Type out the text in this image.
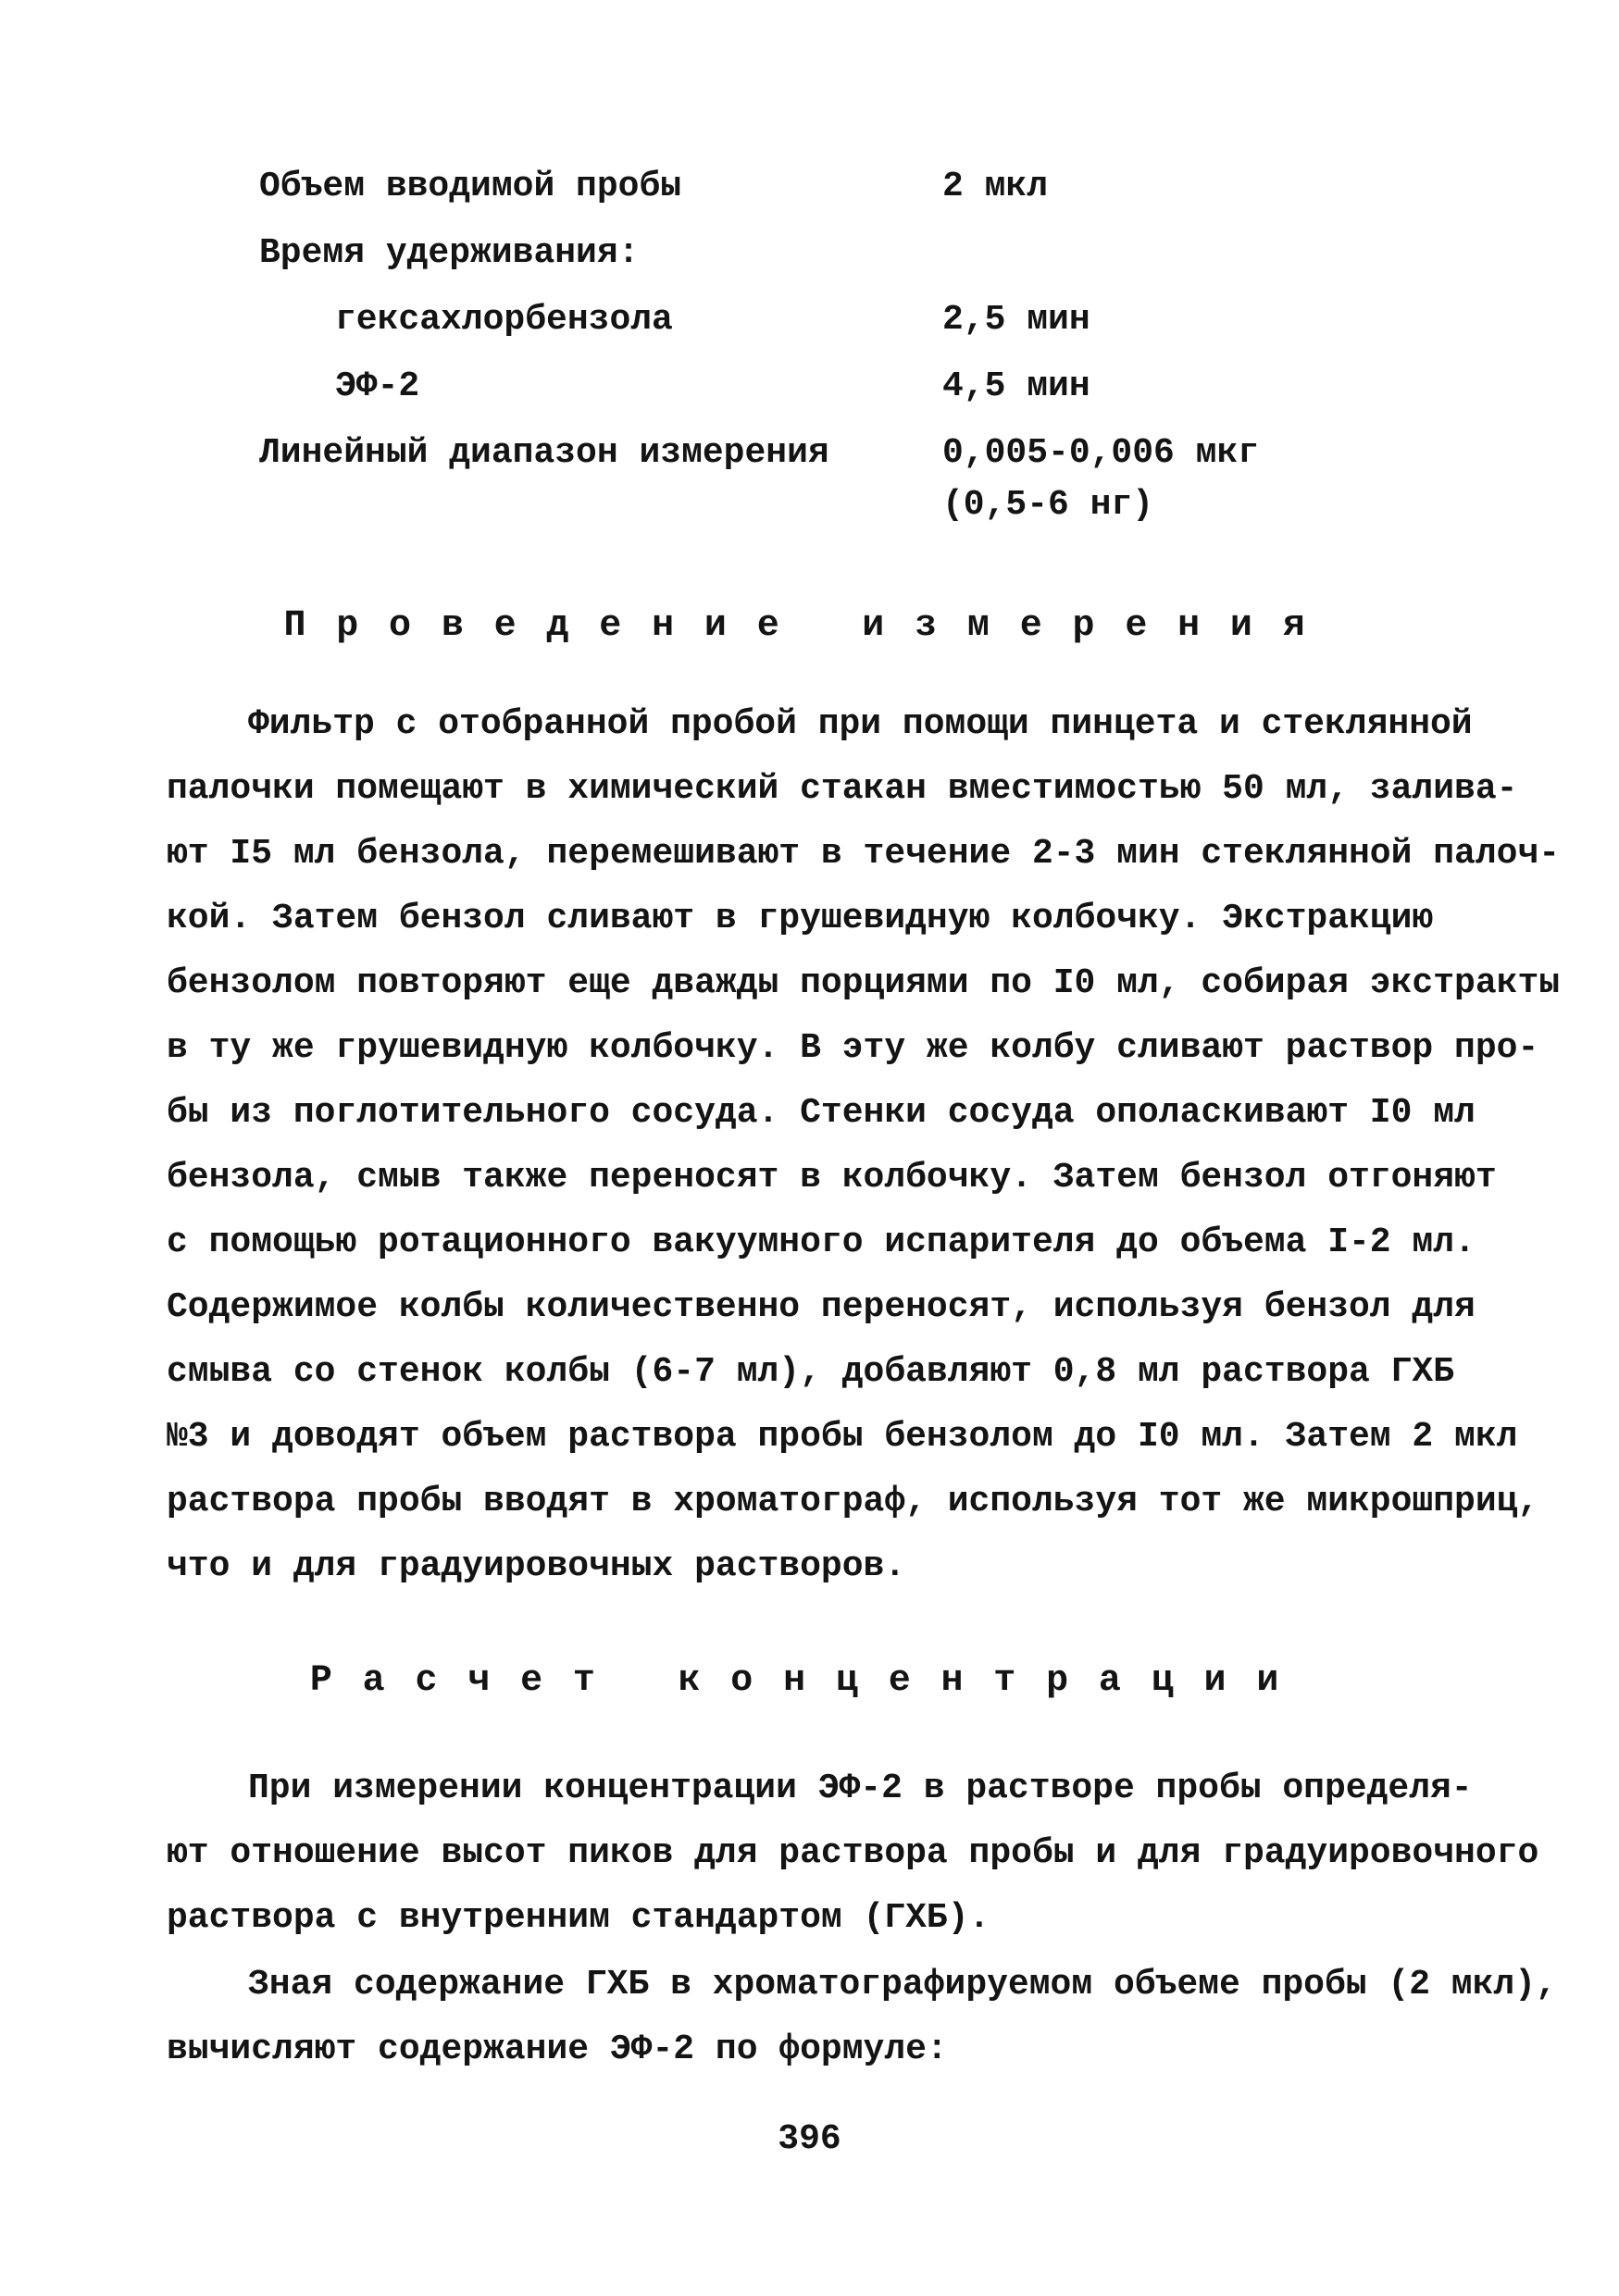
Объем вводимой пробы	2 мкл
Время удерживания:
гексахлорбензола	2,5 мин
ЭФ-2	4,5 мин
Линейный диапазон измерения	0,005-0,006 мкг
(0,5-6 нг)
Проведение измерения
Фильтр с отобранной пробой при помощи пинцета и стеклянной
палочки помещают в химический стакан вместимостью 50 мл, залива-
ют I5 мл бензола, перемешивают в течение 2-3 мин стеклянной палоч-
кой. Затем бензол сливают в грушевидную колбочку. Экстракцию
бензолом повторяют еще дважды порциями по I0 мл, собирая экстракты
в ту же грушевидную колбочку. В эту же колбу сливают раствор про-
бы из поглотительного сосуда. Стенки сосуда ополаскивают I0 мл
бензола, смыв также переносят в колбочку. Затем бензол отгоняют
с помощью ротационного вакуумного испарителя до объема I-2 мл.
Содержимое колбы количественно переносят, используя бензол для
смыва со стенок колбы (6-7 мл), добавляют 0,8 мл раствора ГХБ
№3 и доводят объем раствора пробы бензолом до I0 мл. Затем 2 мкл
раствора пробы вводят в хроматограф, используя тот же микрошприц,
что и для градуировочных растворов.
Расчет концентрации
При измерении концентрации ЭФ-2 в растворе пробы определя-
ют отношение высот пиков для раствора пробы и для градуировочного
раствора с внутренним стандартом (ГХБ).
Зная содержание ГХБ в хроматографируемом объеме пробы (2 мкл),
вычисляют содержание ЭФ-2 по формуле:
396
